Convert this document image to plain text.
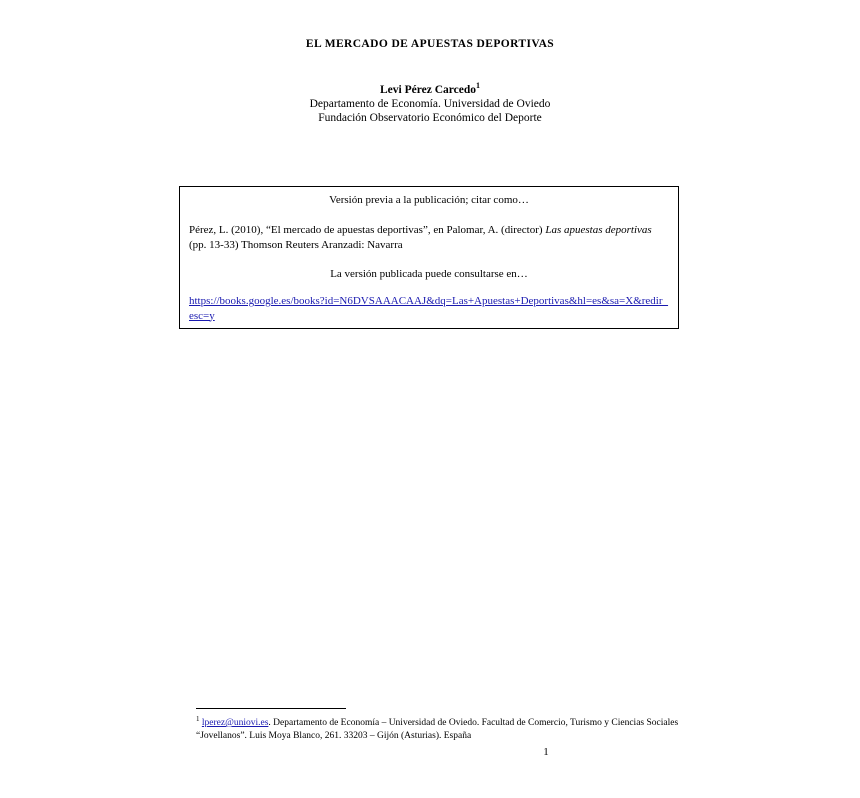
EL MERCADO DE APUESTAS DEPORTIVAS
Levi Pérez Carcedo$^1$
Departamento de Economía. Universidad de Oviedo
Fundación Observatorio Económico del Deporte

Versión previa a la publicación; citar como…

Pérez, L. (2010), “El mercado de apuestas deportivas”, en Palomar, A. (director) Las apuestas deportivas (pp. 13-33) Thomson Reuters Aranzadi: Navarra
La versión publicada puede consultarse en…
https://books.google.es/books?id=N6DVSAAACAAJ&dq=Las+Apuestas+Deportivas&hl=es&sa=X&redir_esc=y
$^1$ lperez@uniovi.es. Departamento de Economía – Universidad de Oviedo. Facultad de Comercio, Turismo y Ciencias Sociales “Jovellanos”. Luis Moya Blanco, 261. 33203 – Gijón (Asturias). España
1
